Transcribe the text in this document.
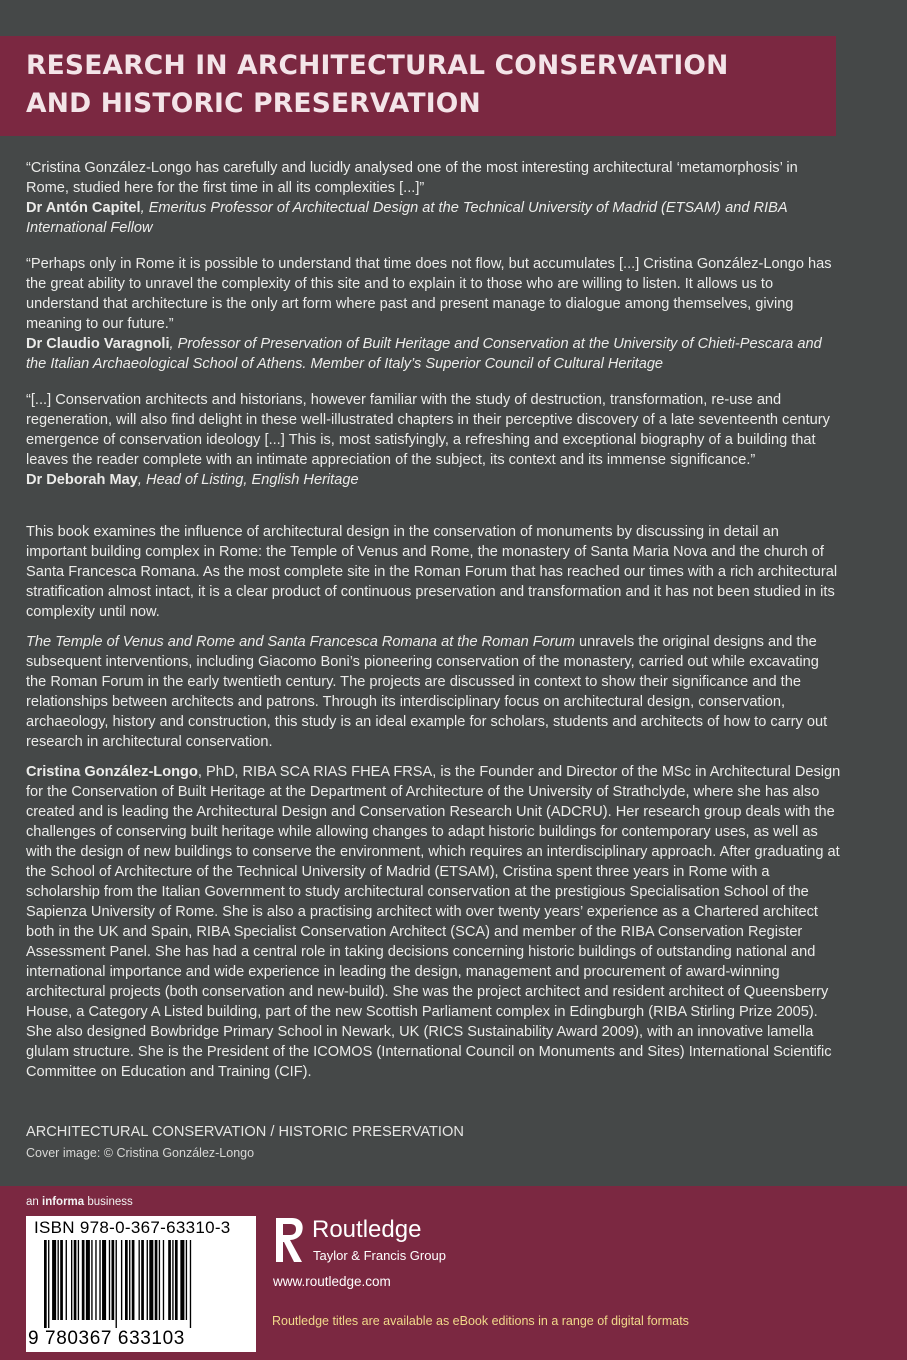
RESEARCH IN ARCHITECTURAL CONSERVATION
AND HISTORIC PRESERVATION

“Cristina González-Longo has carefully and lucidly analysed one of the most interesting architectural ‘metamorphosis’ in Rome, studied here for the first time in all its complexities [...]”
Dr Antón Capitel, Emeritus Professor of Architectual Design at the Technical University of Madrid (ETSAM) and RIBA International Fellow

“Perhaps only in Rome it is possible to understand that time does not flow, but accumulates [...] Cristina González-Longo has the great ability to unravel the complexity of this site and to explain it to those who are willing to listen. It allows us to understand that architecture is the only art form where past and present manage to dialogue among themselves, giving meaning to our future.”
Dr Claudio Varagnoli, Professor of Preservation of Built Heritage and Conservation at the University of Chieti-Pescara and the Italian Archaeological School of Athens. Member of Italy’s Superior Council of Cultural Heritage

“[...] Conservation architects and historians, however familiar with the study of destruction, transformation, re-use and regeneration, will also find delight in these well-illustrated chapters in their perceptive discovery of a late seventeenth century emergence of conservation ideology [...] This is, most satisfyingly, a refreshing and exceptional biography of a building that leaves the reader complete with an intimate appreciation of the subject, its context and its immense significance.”
Dr Deborah May, Head of Listing, English Heritage

This book examines the influence of architectural design in the conservation of monuments by discussing in detail an important building complex in Rome: the Temple of Venus and Rome, the monastery of Santa Maria Nova and the church of Santa Francesca Romana. As the most complete site in the Roman Forum that has reached our times with a rich architectural stratification almost intact, it is a clear product of continuous preservation and transformation and it has not been studied in its complexity until now.

The Temple of Venus and Rome and Santa Francesca Romana at the Roman Forum unravels the original designs and the subsequent interventions, including Giacomo Boni’s pioneering conservation of the monastery, carried out while excavating the Roman Forum in the early twentieth century. The projects are discussed in context to show their significance and the relationships between architects and patrons. Through its interdisciplinary focus on architectural design, conservation, archaeology, history and construction, this study is an ideal example for scholars, students and architects of how to carry out research in architectural conservation.

Cristina González-Longo, PhD, RIBA SCA RIAS FHEA FRSA, is the Founder and Director of the MSc in Architectural Design for the Conservation of Built Heritage at the Department of Architecture of the University of Strathclyde, where she has also created and is leading the Architectural Design and Conservation Research Unit (ADCRU). Her research group deals with the challenges of conserving built heritage while allowing changes to adapt historic buildings for contemporary uses, as well as with the design of new buildings to conserve the environment, which requires an interdisciplinary approach. After graduating at the School of Architecture of the Technical University of Madrid (ETSAM), Cristina spent three years in Rome with a scholarship from the Italian Government to study architectural conservation at the prestigious Specialisation School of the Sapienza University of Rome. She is also a practising architect with over twenty years’ experience as a Chartered architect both in the UK and Spain, RIBA Specialist Conservation Architect (SCA) and member of the RIBA Conservation Register Assessment Panel. She has had a central role in taking decisions concerning historic buildings of outstanding national and international importance and wide experience in leading the design, management and procurement of award-winning architectural projects (both conservation and new-build). She was the project architect and resident architect of Queensberry House, a Category A Listed building, part of the new Scottish Parliament complex in Edingburgh (RIBA Stirling Prize 2005). She also designed Bowbridge Primary School in Newark, UK (RICS Sustainability Award 2009), with an innovative lamella glulam structure. She is the President of the ICOMOS (International Council on Monuments and Sites) International Scientific Committee on Education and Training (CIF).

ARCHITECTURAL CONSERVATION / HISTORIC PRESERVATION
Cover image: © Cristina González-Longo
an informa business
ISBN 978-0-367-63310-3
9 780367 633103
Routledge
Taylor & Francis Group
www.routledge.com
Routledge titles are available as eBook editions in a range of digital formats
